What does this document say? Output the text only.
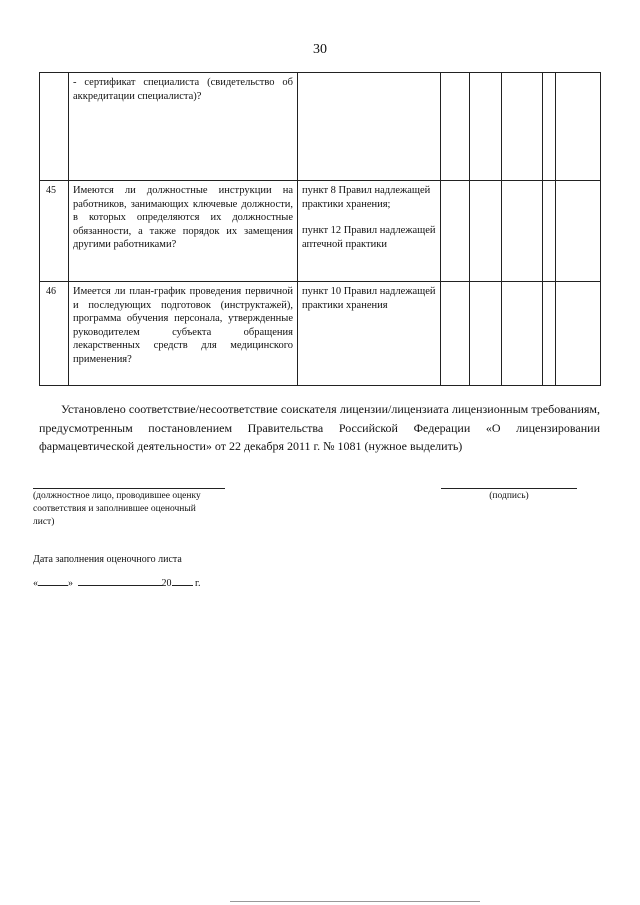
30
	- сертификат специалиста (свидетельство об аккредитации специалиста)?						
45	Имеются ли должностные инструкции на работников, занимающих ключевые должности, в которых определяются их должностные обязанности, а также порядок их замещения другими работниками?	пункт 8 Правил надлежащей практики хранения;
пункт 12 Правил надлежащей аптечной практики					

46	Имеется ли план-график проведения первичной и последующих подготовок (инструктажей), программа обучения персонала, утвержденные руководителем субъекта обращения лекарственных средств для медицинского применения?	пункт 10 Правил надлежащей практики хранения					

Установлено соответствие/несоответствие соискателя лицензии/лицензиата лицензионным требованиям, предусмотренным постановлением Правительства Российской Федерации «О лицензировании фармацевтической деятельности» от 22 декабря 2011 г. № 1081 (нужное выделить)
(должностное лицо, проводившее оценку соответствия и заполнившее оценочный лист)
(подпись)
Дата заполнения оценочного листа
«	»	20 г.
